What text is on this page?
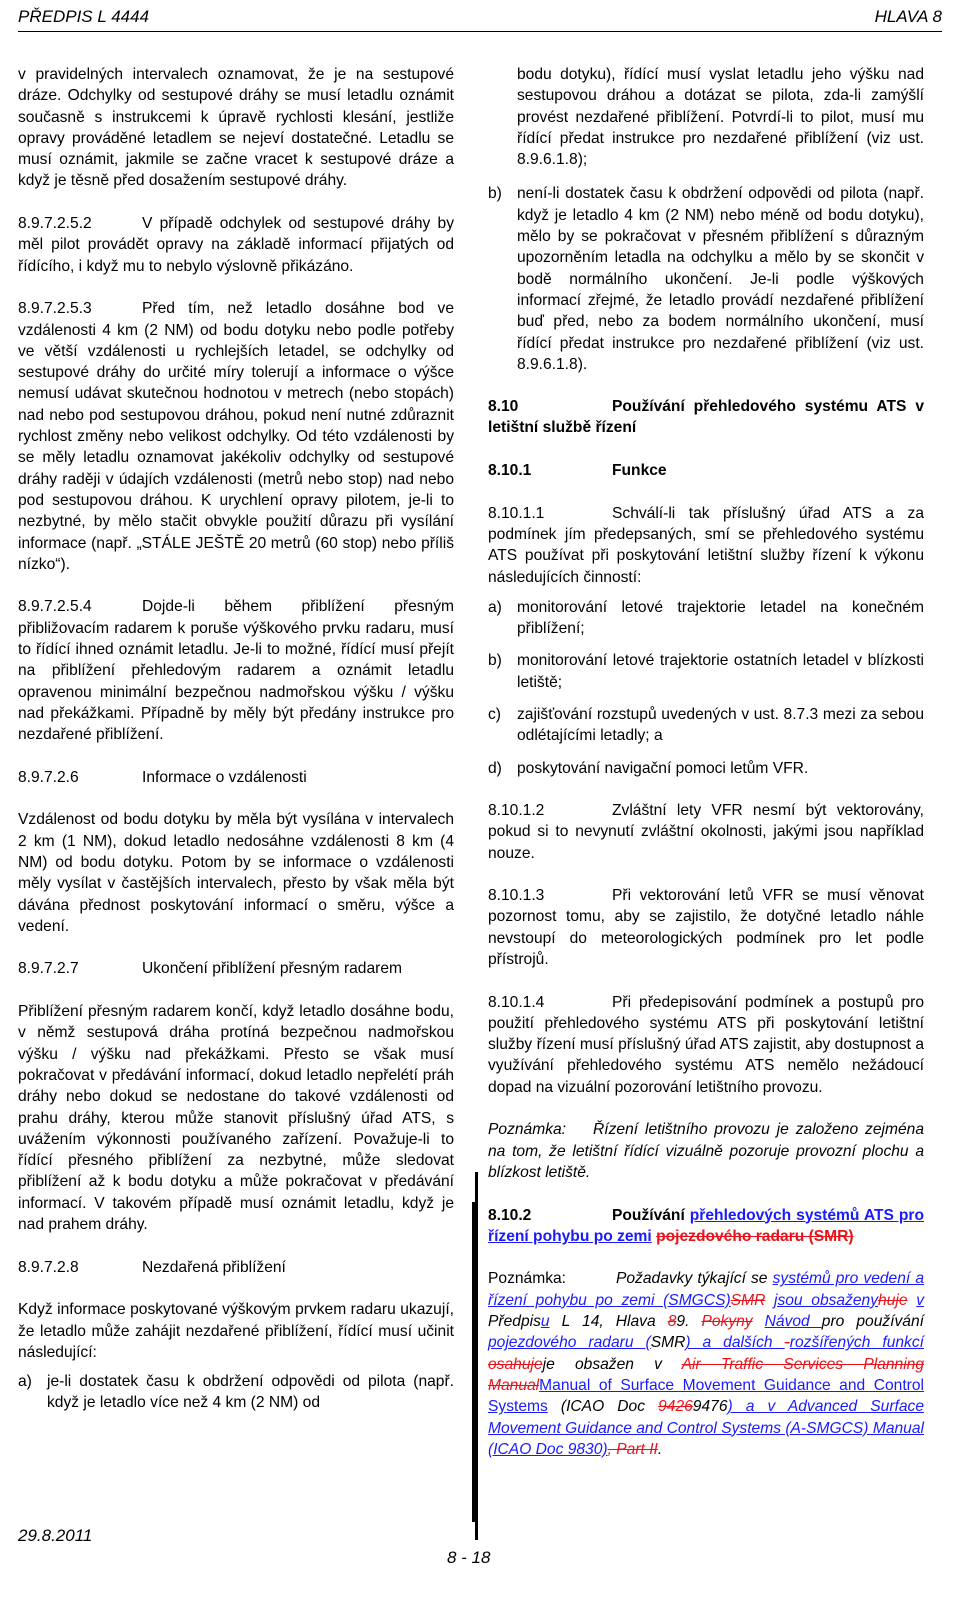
PŘEDPIS L 4444	HLAVA 8

v pravidelných intervalech oznamovat, že je na sestupové dráze. Odchylky od sestupové dráhy se musí letadlu oznámit současně s instrukcemi k úpravě rychlosti klesání, jestliže opravy prováděné letadlem se nejeví dostatečné. Letadlu se musí oznámit, jakmile se začne vracet k sestupové dráze a když je těsně před dosažením sestupové dráhy.

8.9.7.2.5.2	V případě odchylek od sestupové dráhy by měl pilot provádět opravy na základě informací přijatých od řídícího, i když mu to nebylo výslovně přikázáno.

8.9.7.2.5.3	Před tím, než letadlo dosáhne bod ve vzdálenosti 4 km (2 NM) od bodu dotyku nebo podle potřeby ve větší vzdálenosti u rychlejších letadel, se odchylky od sestupové dráhy do určité míry tolerují a informace o výšce nemusí udávat skutečnou hodnotou v metrech (nebo stopách) nad nebo pod sestupovou dráhou, pokud není nutné zdůraznit rychlost změny nebo velikost odchylky. Od této vzdálenosti by se měly letadlu oznamovat jakékoliv odchylky od sestupové dráhy raději v údajích vzdálenosti (metrů nebo stop) nad nebo pod sestupovou dráhou. K urychlení opravy pilotem, je-li to nezbytné, by mělo stačit obvykle použití důrazu při vysílání informace (např. „STÁLE JEŠTĚ 20 metrů (60 stop) nebo příliš nízko“).

8.9.7.2.5.4	Dojde-li během přiblížení přesným přibližovacím radarem k poruše výškového prvku radaru, musí to řídící ihned oznámit letadlu. Je-li to možné, řídící musí přejít na přiblížení přehledovým radarem a oznámit letadlu opravenou minimální bezpečnou nadmořskou výšku / výšku nad překážkami. Případně by měly být předány instrukce pro nezdařené přiblížení.

8.9.7.2.6	Informace o vzdálenosti

Vzdálenost od bodu dotyku by měla být vysílána v intervalech 2 km (1 NM), dokud letadlo nedosáhne vzdálenosti 8 km (4 NM) od bodu dotyku. Potom by se informace o vzdálenosti měly vysílat v častějších intervalech, přesto by však měla být dávána přednost poskytování informací o směru, výšce a vedení.

8.9.7.2.7	Ukončení přiblížení přesným radarem

Přiblížení přesným radarem končí, když letadlo dosáhne bodu, v němž sestupová dráha protíná bezpečnou nadmořskou výšku / výšku nad překážkami. Přesto se však musí pokračovat v předávání informací, dokud letadlo nepřelétí práh dráhy nebo dokud se nedostane do takové vzdálenosti od prahu dráhy, kterou může stanovit příslušný úřad ATS, s uvážením výkonnosti používaného zařízení. Považuje-li to řídící přesného přiblížení za nezbytné, může sledovat přiblížení až k bodu dotyku a může pokračovat v předávání informací. V takovém případě musí oznámit letadlu, když je nad prahem dráhy.

8.9.7.2.8	Nezdařená přiblížení

Když informace poskytované výškovým prvkem radaru ukazují, že letadlo může zahájit nezdařené přiblížení, řídící musí učinit následující:

a) je-li dostatek času k obdržení odpovědi od pilota (např. když je letadlo více než 4 km (2 NM) od
bodu dotyku), řídící musí vyslat letadlu jeho výšku nad sestupovou dráhou a dotázat se pilota, zda-li zamýšlí provést nezdařené přiblížení. Potvrdí-li to pilot, musí mu řídící předat instrukce pro nezdařené přiblížení (viz ust. 8.9.6.1.8);
b) není-li dostatek času k obdržení odpovědi od pilota (např. když je letadlo 4 km (2 NM) nebo méně od bodu dotyku), mělo by se pokračovat v přesném přiblížení s důrazným upozorněním letadla na odchylku a mělo by se skončit v bodě normálního ukončení. Je-li podle výškových informací zřejmé, že letadlo provádí nezdařené přiblížení buď před, nebo za bodem normálního ukončení, musí řídící předat instrukce pro nezdařené přiblížení (viz ust. 8.9.6.1.8).

8.10	Používání přehledového systému ATS v letištní službě řízení

8.10.1	Funkce

8.10.1.1	Schválí-li tak příslušný úřad ATS a za podmínek jím předepsaných, smí se přehledového systému ATS používat při poskytování letištní služby řízení k výkonu následujících činností:

a) monitorování letové trajektorie letadel na konečném přiblížení;
b) monitorování letové trajektorie ostatních letadel v blízkosti letiště;
c)	zajišťování rozstupů uvedených v ust. 8.7.3 mezi za sebou odlétajícími letadly; a
d) poskytování navigační pomoci letům VFR.

8.10.1.2	Zvláštní lety VFR nesmí být vektorovány, pokud si to nevynutí zvláštní okolnosti, jakými jsou například nouze.

8.10.1.3	Při vektorování letů VFR se musí věnovat pozornost tomu, aby se zajistilo, že dotyčné letadlo náhle nevstoupí do meteorologických podmínek pro let podle přístrojů.

8.10.1.4	Při předepisování podmínek a postupů pro použití přehledového systému ATS při poskytování letištní služby řízení musí příslušný úřad ATS zajistit, aby dostupnost a využívání přehledového systému ATS nemělo nežádoucí dopad na vizuální pozorování letištního provozu.

Poznámka: Řízení letištního provozu je založeno zejména na tom, že letištní řídící vizuálně pozoruje provozní plochu a blízkost letiště.

8.10.2	Používání přehledových systémů ATS pro řízení pohybu po zemi pojezdového radaru (SMR)

Poznámka:	Požadavky týkající se systémů pro vedení a řízení pohybu po zemi (SMGCS)SMR jsou obsaženyhuje v Předpisu L 14, Hlava 89. Pokyny Návod pro používání pojezdového radaru (SMR) a dalších -rozšířených funkcí osahujeje obsažen v Air Traffic Services Planning ManualManual of Surface Movement Guidance and Control Systems (ICAO Doc 94269476) a v Advanced Surface Movement Guidance and Control Systems (A-SMGCS) Manual (ICAO Doc 9830), Part II.

29.8.2011
8 - 18
